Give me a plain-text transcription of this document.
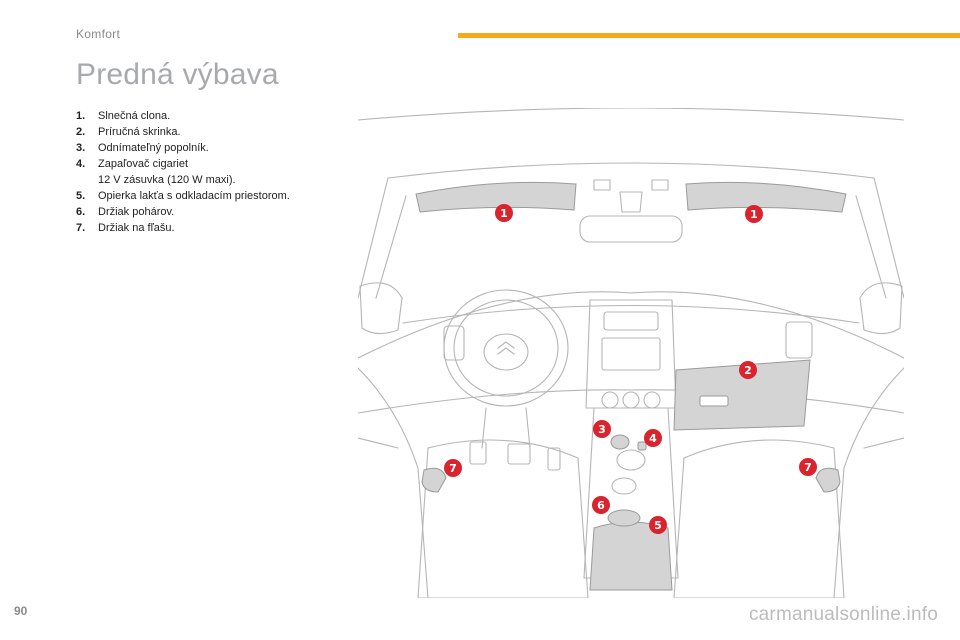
Komfort
Predná výbava
1. Slnečná clona.
2. Príručná skrinka.
3. Odnímateľný popolník.
4. Zapaľovač cigariet
12 V zásuvka (120 W maxi).
5. Opierka lakťa s odkladacím priestorom.
6. Držiak pohárov.
7. Držiak na fľašu.
1	1
2
3
4
5
6
7	7
90	carmanualsonline.info
